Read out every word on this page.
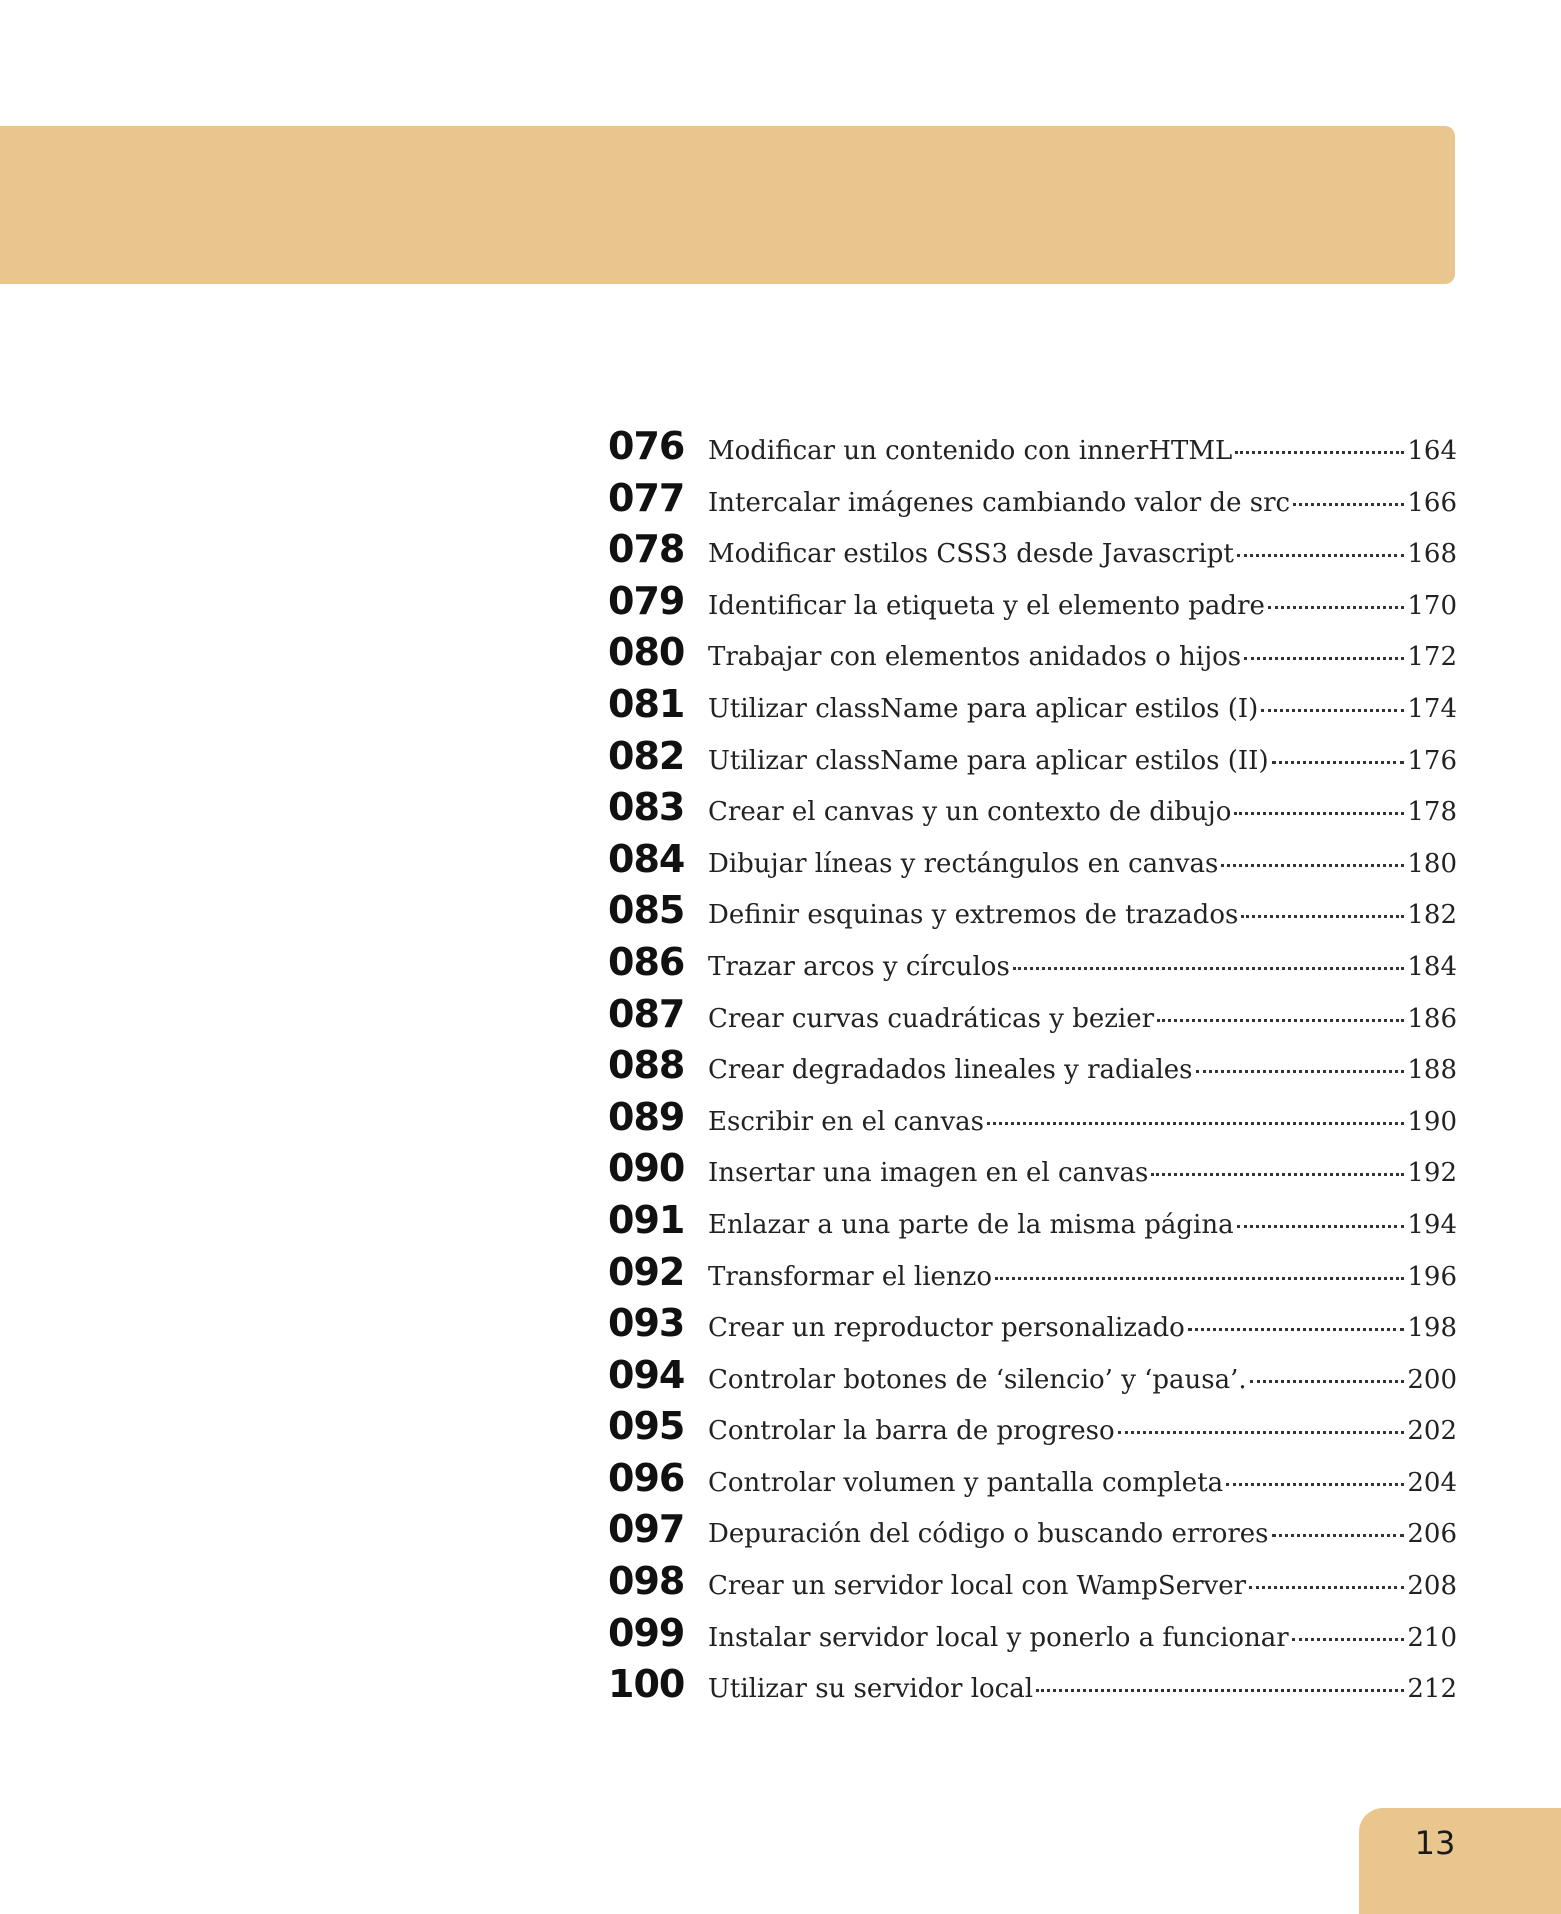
076 Modificar un contenido con innerHTML	164
077 Intercalar imágenes cambiando valor de src	166
078 Modificar estilos CSS3 desde Javascript	168
079 Identificar la etiqueta y el elemento padre	170
080 Trabajar con elementos anidados o hijos	172
081 Utilizar className para aplicar estilos (I)	174
082 Utilizar className para aplicar estilos (II)	176
083 Crear el canvas y un contexto de dibujo	178
084 Dibujar líneas y rectángulos en canvas	180
085 Definir esquinas y extremos de trazados	182
086 Trazar arcos y círculos	184
087 Crear curvas cuadráticas y bezier	186
088 Crear degradados lineales y radiales	188
089 Escribir en el canvas	190
090 Insertar una imagen en el canvas	192
091 Enlazar a una parte de la misma página	194
092 Transformar el lienzo	196
093 Crear un reproductor personalizado	198
094 Controlar botones de ‘silencio’ y ‘pausa’.	200
095 Controlar la barra de progreso	202
096 Controlar volumen y pantalla completa	204
097 Depuración del código o buscando errores	206
098 Crear un servidor local con WampServer	208
099 Instalar servidor local y ponerlo a funcionar	210
100 Utilizar su servidor local	212
13
